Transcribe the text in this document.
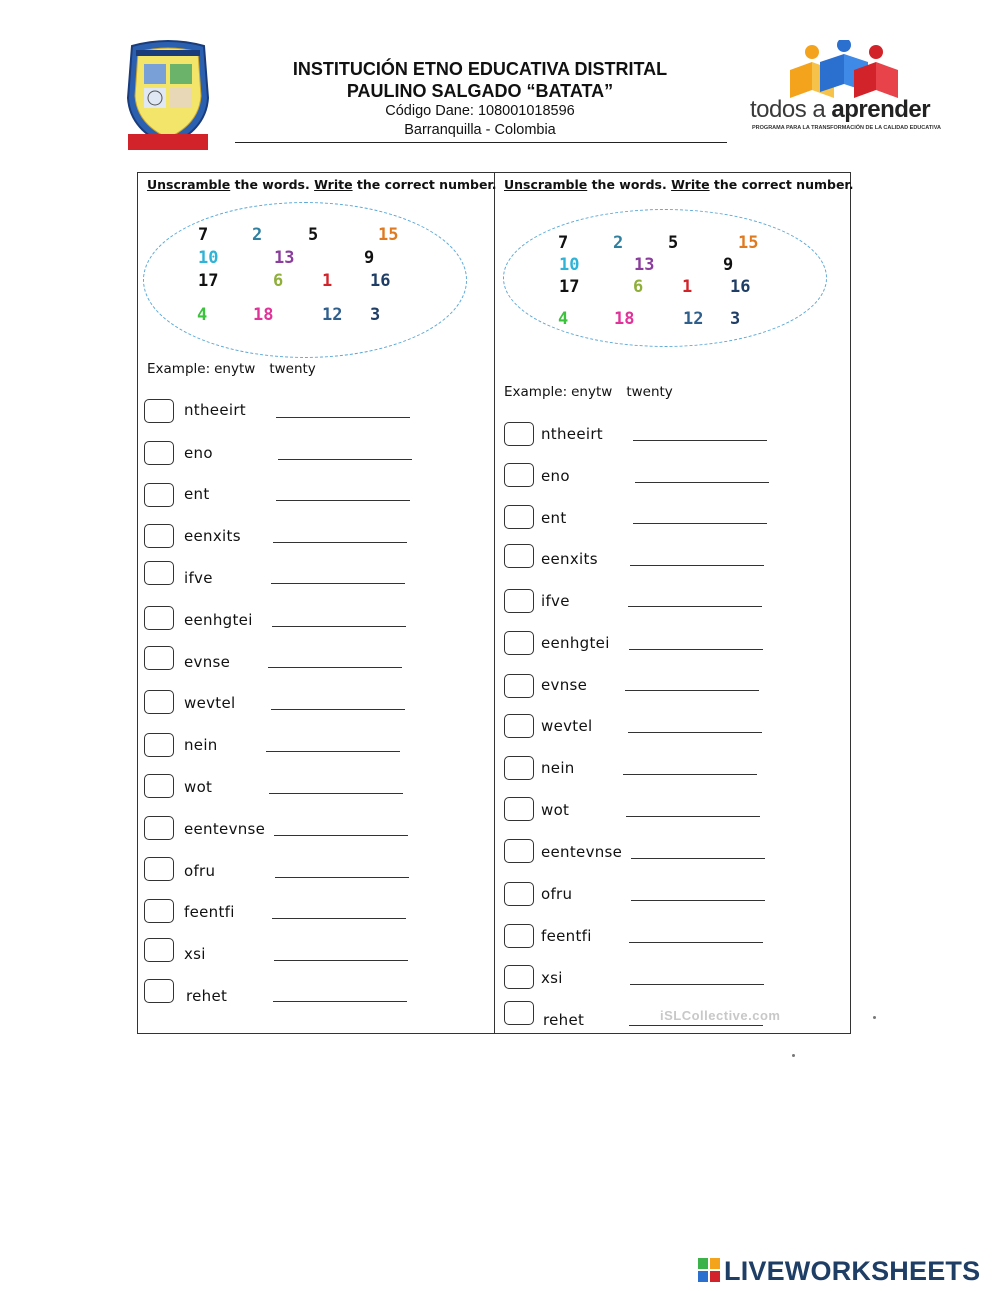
INSTITUCIÓN ETNO EDUCATIVA DISTRITAL
PAULINO SALGADO “BATATA”
Código Dane: 108001018596
Barranquilla - Colombia
todos a aprender
PROGRAMA PARA LA TRANSFORMACIÓN DE LA CALIDAD EDUCATIVA
Unscramble the words. Write the correct number.
7	2	5	15
10	13	9
17	6 1 16
4	18	12 3
Example: enytw twenty
ntheeirt
eno
ent
eenxits
ifve
eenhgtei
evnse
wevtel
nein
wot
eentevnse
ofru
feentfi
xsi
rehet
Unscramble the words. Write the correct number.
7	2	5	15
10	13	9
17	6 1 16
4	18	12 3
Example: enytw twenty
ntheeirt
eno
ent
eenxits
ifve
eenhgtei
evnse
wevtel
nein
wot
eentevnse
ofru
feentfi
xsi
rehet	iSLCollective.com
LIVEWORKSHEETS
